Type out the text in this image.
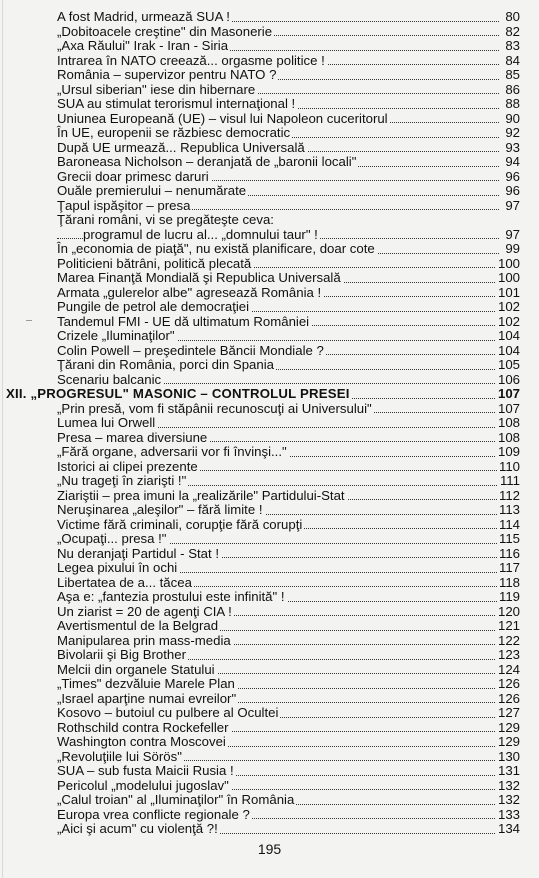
A fost Madrid, urmează SUA !	80
„Dobitoacele creştine" din Masonerie	82
„Axa Răului" Irak - Iran - Siria	83
Intrarea în NATO creează... orgasme politice !	84
România – supervizor pentru NATO ?	85
„Ursul siberian" iese din hibernare	86
SUA au stimulat terorismul internaţional !	88
Uniunea Europeană (UE) – visul lui Napoleon cuceritorul	90
În UE, europenii se răzbiesc democratic	92
După UE urmează... Republica Universală	93
Baroneasa Nicholson – deranjată de „baronii locali"	94
Grecii doar primesc daruri	96
Ouăle premierului – nenumărate	96
Ţapul ispăşitor – presa	97
Ţărani români, vi se pregăteşte ceva:
programul de lucru al... „domnului taur" !	97
În „economia de piaţă", nu există planificare, doar cote	99
Politicieni bătrâni, politică plecată	100
Marea Finanţă Mondială şi Republica Universală	100
Armata „gulerelor albe" agresează România !	101
Pungile de petrol ale democraţiei	102
Tandemul FMI - UE dă ultimatum României	102
Crizele „Iluminaţilor"	104
Colin Powell – preşedintele Băncii Mondiale ?	104
Ţărani din România, porci din Spania	105
Scenariu balcanic	106
XII. „PROGRESUL" MASONIC – CONTROLUL PRESEI	107
„Prin presă, vom fi stăpânii recunoscuţi ai Universului"	107
Lumea lui Orwell	108
Presa – marea diversiune	108
„Fără organe, adversarii vor fi învinşi..."	109
Istorici ai clipei prezente	110
„Nu trageţi în ziarişti !"	111
Ziariştii – prea imuni la „realizările" Partidului-Stat	112
Neruşinarea „aleşilor" – fără limite !	113
Victime fără criminali, corupţie fără corupţi	114
„Ocupaţi... presa !"	115
Nu deranjaţi Partidul - Stat !	116
Legea pixului în ochi	117
Libertatea de a... tăcea	118
Aşa e: „fantezia prostului este infinită" !	119
Un ziarist = 20 de agenţi CIA !	120
Avertismentul de la Belgrad	121
Manipularea prin mass-media	122
Bivolarii şi Big Brother	123
Melcii din organele Statului	124
„Times" dezvăluie Marele Plan	126
„Israel aparţine numai evreilor"	126
Kosovo – butoiul cu pulbere al Ocultei	127
Rothschild contra Rockefeller	129
Washington contra Moscovei	129
„Revoluţiile lui Sörös"	130
SUA – sub fusta Maicii Rusia !	131
Pericolul „modelului jugoslav"	132
„Calul troian" al „Iluminaţilor" în România	132
Europa vrea conflicte regionale ?	133
„Aici şi acum" cu violenţă ?!	134
195
